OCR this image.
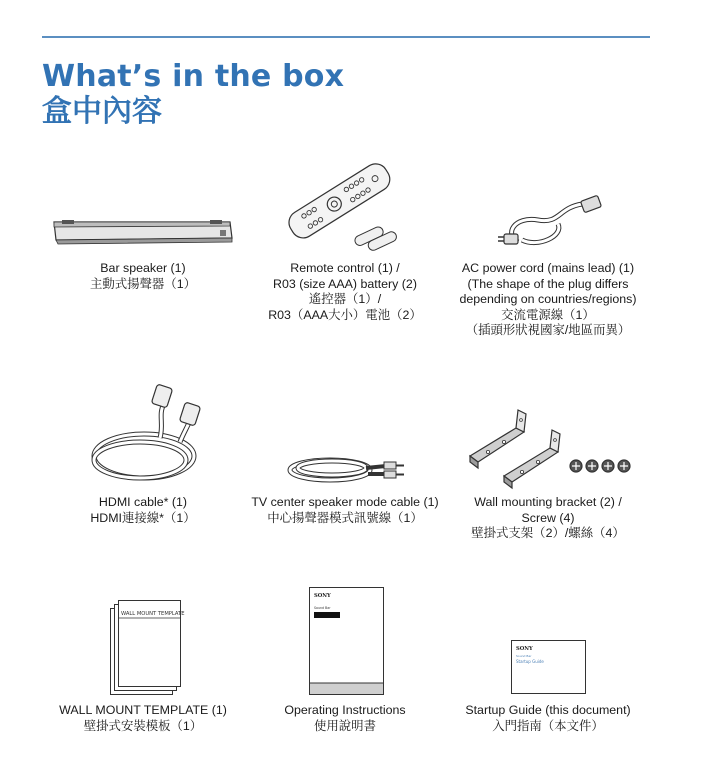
What’s in the box
盒中內容
Bar speaker (1)
主動式揚聲器（1）
Remote control (1) /
R03 (size AAA) battery (2)
遙控器（1）/
R03（AAA大小）電池（2）
AC power cord (mains lead) (1)
(The shape of the plug differs
depending on countries/regions)
交流電源線（1）
（插頭形狀視國家/地區而異）
HDMI cable* (1)
HDMI連接線*（1）
TV center speaker mode cable (1)
中心揚聲器模式訊號線（1）
Wall mounting bracket (2) /
Screw (4)
壁掛式支架（2）/螺絲（4）
WALL MOUNT TEMPLATE
WALL MOUNT TEMPLATE (1)
壁掛式安裝模板（1）
SONY
Sound Bar
Operating Instructions
使用說明書
SONY
Sound Bar
Startup Guide
Startup Guide (this document)
入門指南（本文件）
